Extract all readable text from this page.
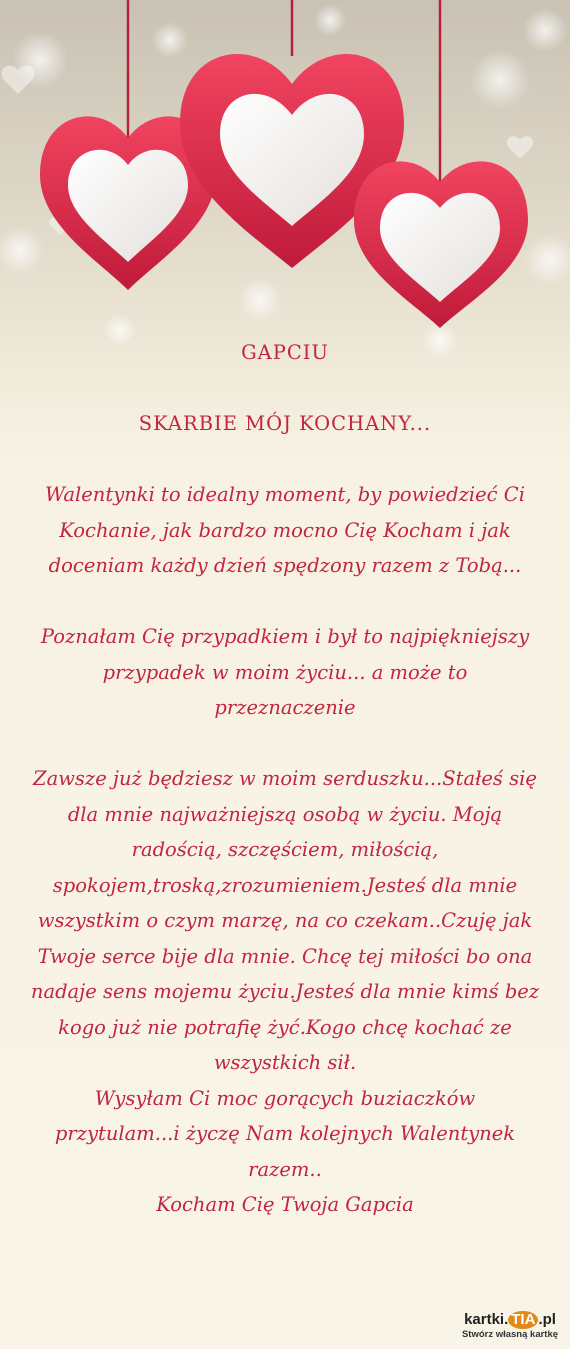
GAPCIU

SKARBIE MÓJ KOCHANY...

Walentynki to idealny moment, by powiedzieć Ci Kochanie, jak bardzo mocno Cię Kocham i jak doceniam każdy dzień spędzony razem z Tobą...

Poznałam Cię przypadkiem i był to najpiękniejszy przypadek w moim życiu... a może to przeznaczenie

Zawsze już będziesz w moim serduszku...Stałeś się dla mnie najważniejszą osobą w życiu. Moją radością, szczęściem, miłością, spokojem,troską,zrozumieniem.Jesteś dla mnie wszystkim o czym marzę, na co czekam..Czuję jak Twoje serce bije dla mnie. Chcę tej miłości bo ona nadaje sens mojemu życiu.Jesteś dla mnie kimś bez kogo już nie potrafię żyć.Kogo chcę kochać ze wszystkich sił.

Wysyłam Ci moc gorących buziaczków przytulam...i życzę Nam kolejnych Walentynek razem..

Kocham Cię Twoja Gapcia

kartki. TIA .pl
Stwórz własną kartkę
